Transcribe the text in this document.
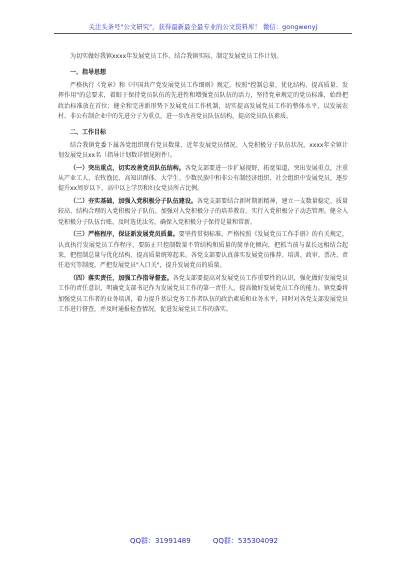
关注头条号"公文研究"，获得最新最全最专业的公文资料库！ 微信：gongwenyj

为切实做好我镇xxxx年发展党员工作，结合我镇实际，制定发展党员工作计划。

一、指导思想

严格执行《党章》和《中国共产党发展党员工作细则》规定，按照"控制总量、优化结构、提高质量、发挥作用"的总要求，着眼于保持党员队伍的先进性和增强党员队伍的活力，坚持党章规定的党员标准，始终把政治标准放在首位；健全和完善新形势下发展党员工作机制，切实提高发展党员工作的整体水平，以发展农村、非公有制企业中的先进分子为重点，进一步改善党员队伍结构，提高党员队伍素质。

二、工作目标

结合我镇党委下属各党组织现有党员数量、近年发展党员情况、入党积极分子队伍状况，xxxx年全镇计划发展党员xx名（指导计划数详情见附件）。

（一）突出重点，切实改善党员队伍结构。各党支部要进一步扩展视野，拓宽渠道，突出发展重点，注重从产业工人、农牧渔民、高知识群体、大学生、少数民族中和非公有制经济组织、社会组织中发展党员，逐步提升xx周岁以下、高中以上学历和妇女党员所占比例。

（二）夯实基础，加强入党积极分子队伍建设。各党支部要结合新时期新精神，建立一支数量稳定、质量较高、结构合理的入党积极分子队伍。加强对入党积极分子的培养教育。实行入党积极分子动态管理。健全入党积极分子队伍台账，及时选优汰劣，确保入党积极分子保持是量和常新。

（三）严格程序，保证新发展党员质量。要坚持贯彻标准，严格按照《发展党员工作手册》的有关规定，认真执行发展党员工作程序，要防止只控制数量不管结构和质量的简单化倾向，把抓当前与谋长远相结合起来，把控制总量与优化结构、提高质量统筹起来。各党支部要认真落实发展党员推荐、培训、政审、票决、责任追究等制度，严把发展党员"入口关"，提升发展党员的质量。

（四）落实责任，加强工作指导督查。各党支部要提高对发展党员工作重要性的认识，强化做好发展党员工作的责任意识，明确党支部书记作为发展党员工作的第一责任人，提高做好发展党员工作的能力。镇党委将加强党员工作者的业务培训，着力提升基层党务工作者队伍的政治素质和业务水平，同时对各党支部发展党员工作进行督查，并及时通报检查情况，促进发展党员工作的落实。

QQ群：31991489	QQ群：535304092
